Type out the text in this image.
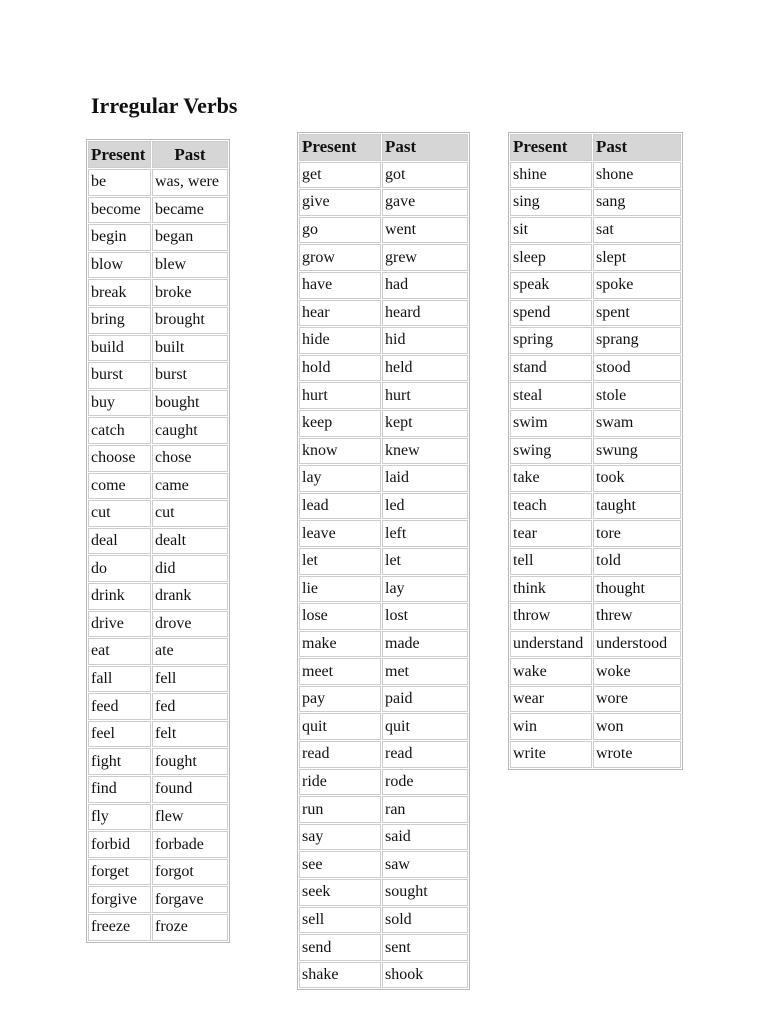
Irregular Verbs
Present	Past
be	was, were
become	became
begin	began
blow	blew
break	broke
bring	brought
build	built
burst	burst
buy	bought
catch	caught
choose	chose
come	came
cut	cut
deal	dealt
do	did
drink	drank
drive	drove
eat	ate
fall	fell
feed	fed
feel	felt
fight	fought
find	found
fly	flew
forbid	forbade
forget	forgot
forgive	forgave
freeze	froze
Present	Past
get	got
give	gave
go	went
grow	grew
have	had
hear	heard
hide	hid
hold	held
hurt	hurt
keep	kept
know	knew
lay	laid
lead	led
leave	left
let	let
lie	lay
lose	lost
make	made
meet	met
pay	paid
quit	quit
read	read
ride	rode
run	ran
say	said
see	saw
seek	sought
sell	sold
send	sent
shake	shook
Present	Past
shine	shone
sing	sang
sit	sat
sleep	slept
speak	spoke
spend	spent
spring	sprang
stand	stood
steal	stole
swim	swam
swing	swung
take	took
teach	taught
tear	tore
tell	told
think	thought
throw	threw
understand	understood
wake	woke
wear	wore
win	won
write	wrote
